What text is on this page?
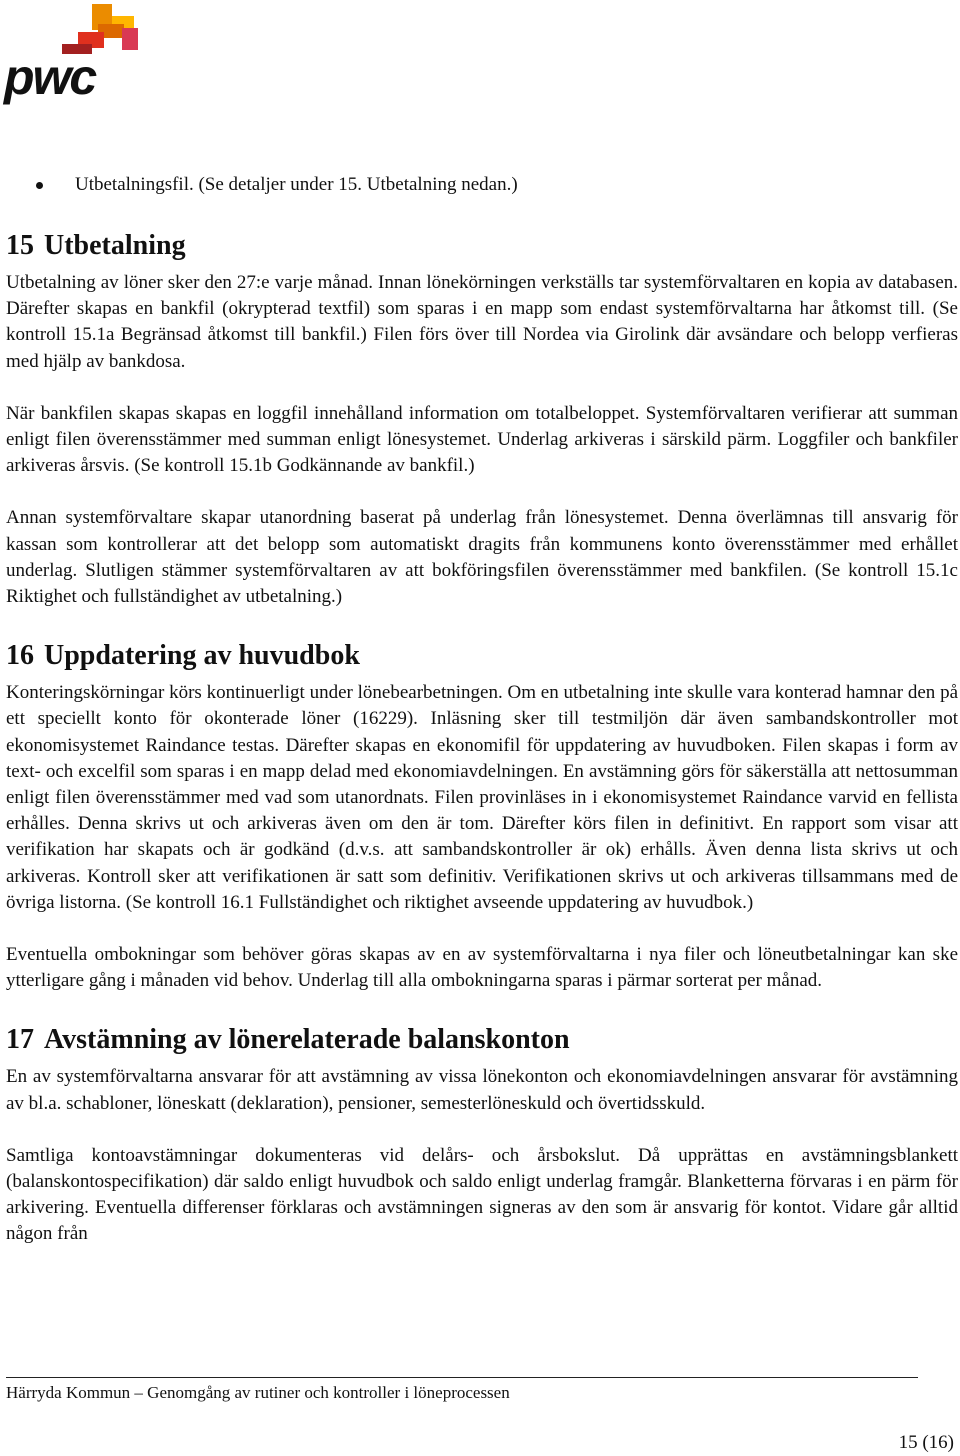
pwc
Utbetalningsfil. (Se detaljer under 15. Utbetalning nedan.)
15 Utbetalning

Utbetalning av löner sker den 27:e varje månad. Innan lönekörningen verkställs tar systemförvaltaren en kopia av databasen. Därefter skapas en bankfil (okrypterad textfil) som sparas i en mapp som endast systemförvaltarna har åtkomst till. (Se kontroll 15.1a Begränsad åtkomst till bankfil.) Filen förs över till Nordea via Girolink där avsändare och belopp verfieras med hjälp av bankdosa.

När bankfilen skapas skapas en loggfil innehålland information om totalbeloppet. Systemförvaltaren verifierar att summan enligt filen överensstämmer med summan enligt lönesystemet. Underlag arkiveras i särskild pärm. Loggfiler och bankfiler arkiveras årsvis. (Se kontroll 15.1b Godkännande av bankfil.)

Annan systemförvaltare skapar utanordning baserat på underlag från lönesystemet. Denna överlämnas till ansvarig för kassan som kontrollerar att det belopp som automatiskt dragits från kommunens konto överensstämmer med erhållet underlag. Slutligen stämmer systemförvaltaren av att bokföringsfilen överensstämmer med bankfilen. (Se kontroll 15.1c Riktighet och fullständighet av utbetalning.)

16 Uppdatering av huvudbok

Konteringskörningar körs kontinuerligt under lönebearbetningen. Om en utbetalning inte skulle vara konterad hamnar den på ett speciellt konto för okonterade löner (16229). Inläsning sker till testmiljön där även sambandskontroller mot ekonomisystemet Raindance testas. Därefter skapas en ekonomifil för uppdatering av huvudboken. Filen skapas i form av text- och excelfil som sparas i en mapp delad med ekonomiavdelningen. En avstämning görs för säkerställa att nettosumman enligt filen överensstämmer med vad som utanordnats. Filen provinläses in i ekonomisystemet Raindance varvid en fellista erhålles. Denna skrivs ut och arkiveras även om den är tom. Därefter körs filen in definitivt. En rapport som visar att verifikation har skapats och är godkänd (d.v.s. att sambandskontroller är ok) erhålls. Även denna lista skrivs ut och arkiveras. Kontroll sker att verifikationen är satt som definitiv. Verifikationen skrivs ut och arkiveras tillsammans med de övriga listorna. (Se kontroll 16.1 Fullständighet och riktighet avseende uppdatering av huvudbok.)

Eventuella ombokningar som behöver göras skapas av en av systemförvaltarna i nya filer och löneutbetalningar kan ske ytterligare gång i månaden vid behov. Underlag till alla ombokningarna sparas i pärmar sorterat per månad.

17 Avstämning av lönerelaterade balanskonton

En av systemförvaltarna ansvarar för att avstämning av vissa lönekonton och ekonomiavdelningen ansvarar för avstämning av bl.a. schabloner, löneskatt (deklaration), pensioner, semesterlöneskuld och övertidsskuld.

Samtliga kontoavstämningar dokumenteras vid delårs- och årsbokslut. Då upprättas en avstämningsblankett (balanskontospecifikation) där saldo enligt huvudbok och saldo enligt underlag framgår. Blanketterna förvaras i en pärm för arkivering. Eventuella differenser förklaras och avstämningen signeras av den som är ansvarig för kontot. Vidare går alltid någon från

Härryda Kommun – Genomgång av rutiner och kontroller i löneprocessen
15 (16)
